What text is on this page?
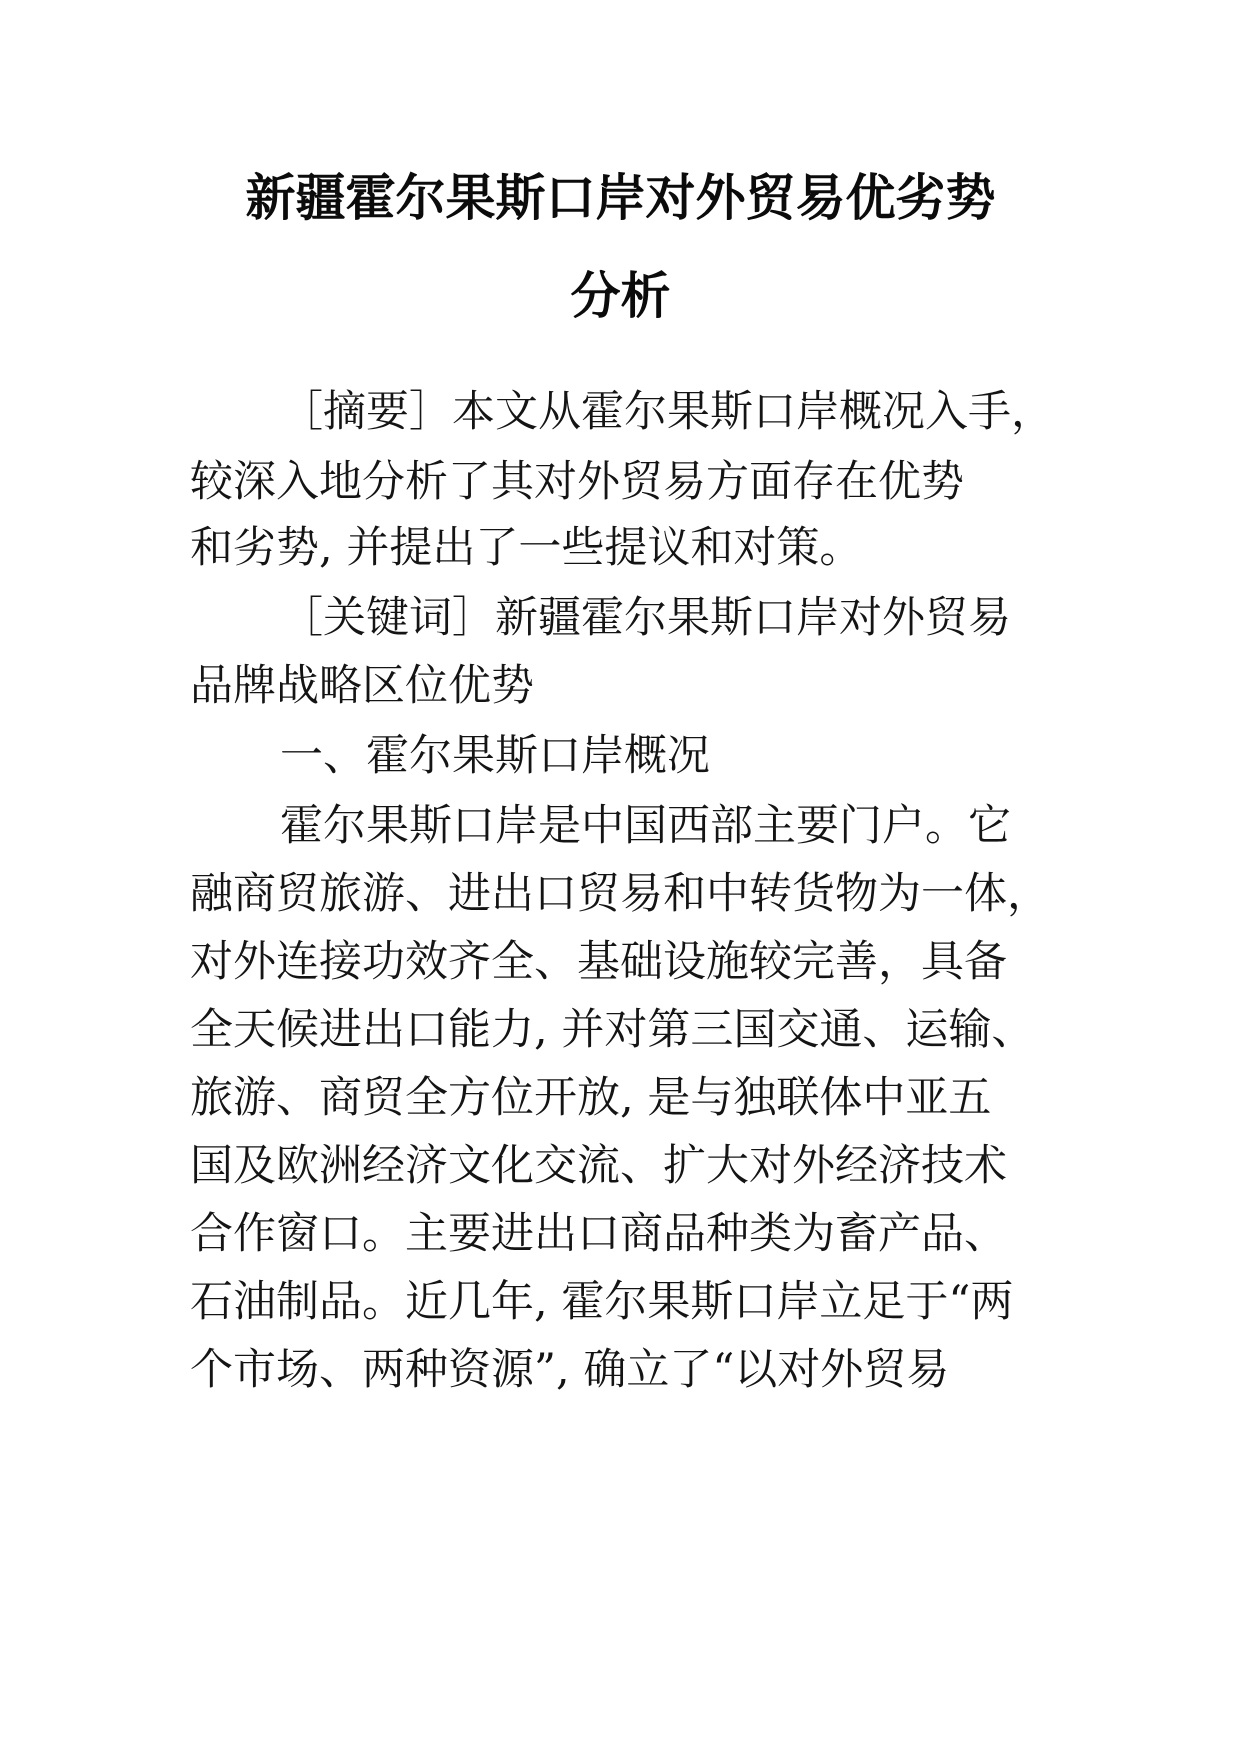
新疆霍尔果斯口岸对外贸易优劣势
分析
［摘要］本文从霍尔果斯口岸概况入手，
较深入地分析了其对外贸易方面存在优势
和劣势, 并提出了一些提议和对策。
［关键词］新疆霍尔果斯口岸对外贸易
品牌战略区位优势
一、霍尔果斯口岸概况
霍尔果斯口岸是中国西部主要门户。它
融商贸旅游、进出口贸易和中转货物为一体，
对外连接功效齐全、基础设施较完善，具备
全天候进出口能力, 并对第三国交通、运输、
旅游、商贸全方位开放, 是与独联体中亚五
国及欧洲经济文化交流、扩大对外经济技术
合作窗口。主要进出口商品种类为畜产品、
石油制品。近几年, 霍尔果斯口岸立足于“两
个市场、两种资源”, 确立了“以对外贸易
